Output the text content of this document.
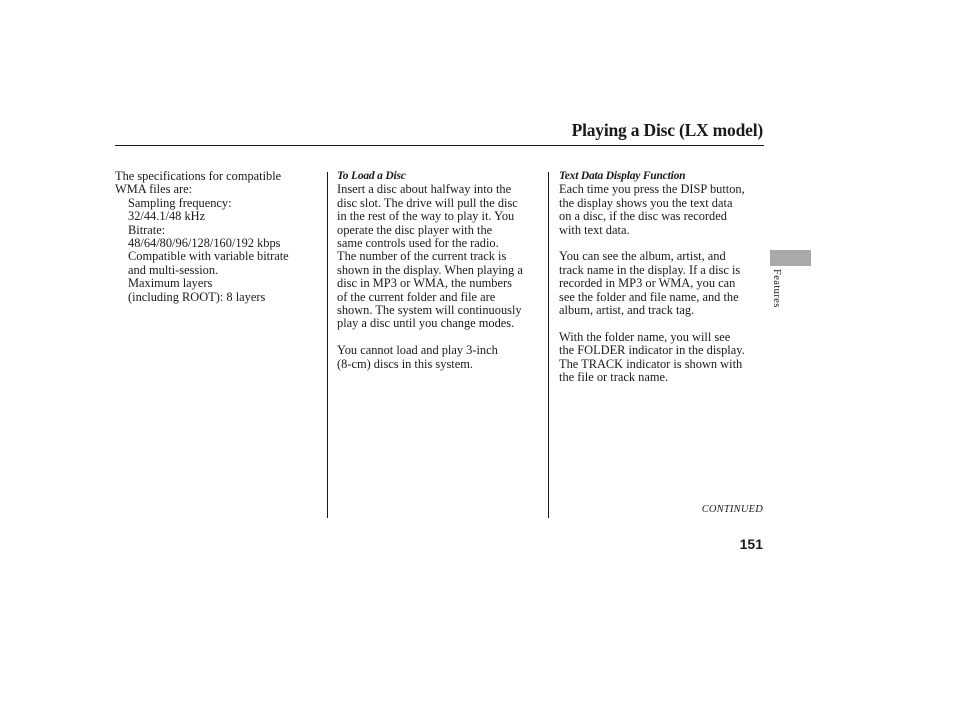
Playing a Disc (LX model)
The specifications for compatible
WMA files are:
Sampling frequency:
32/44.1/48 kHz
Bitrate:
48/64/80/96/128/160/192 kbps
Compatible with variable bitrate
and multi-session.
Maximum layers
(including ROOT): 8 layers
To Load a Disc
Insert a disc about halfway into the
disc slot. The drive will pull the disc
in the rest of the way to play it. You
operate the disc player with the
same controls used for the radio.
The number of the current track is
shown in the display. When playing a
disc in MP3 or WMA, the numbers
of the current folder and file are
shown. The system will continuously
play a disc until you change modes.
You cannot load and play 3-inch
(8-cm) discs in this system.
Text Data Display Function
Each time you press the DISP button,
the display shows you the text data
on a disc, if the disc was recorded
with text data.
You can see the album, artist, and
track name in the display. If a disc is
recorded in MP3 or WMA, you can
see the folder and file name, and the
album, artist, and track tag.
With the folder name, you will see
the FOLDER indicator in the display.
The TRACK indicator is shown with
the file or track name.
Features
CONTINUED
151
